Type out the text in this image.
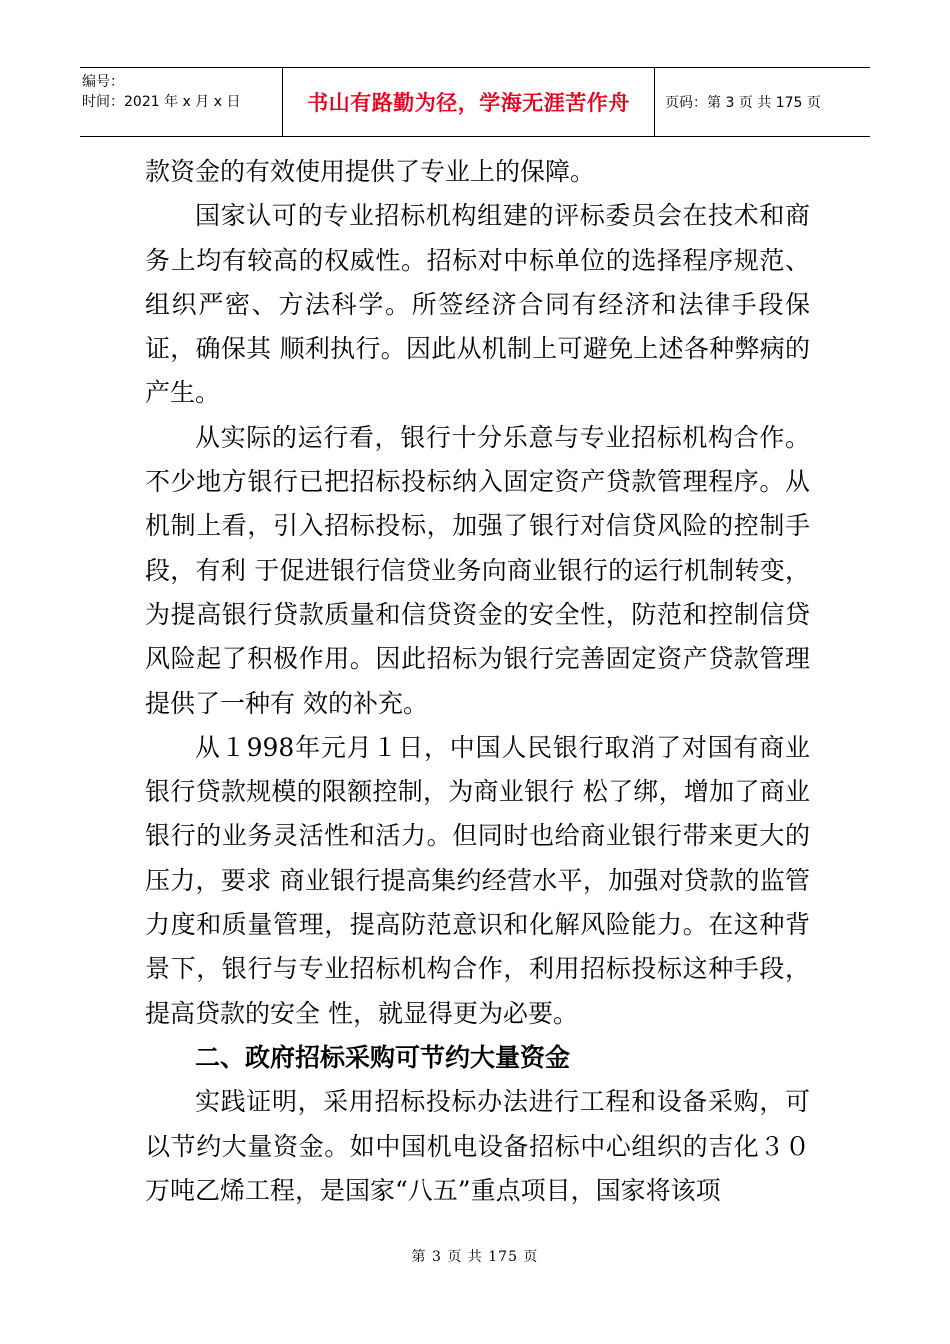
编号：
时间：2021 年 x 月 x 日	书山有路勤为径，学海无涯苦作舟	页码：第 3 页 共 175 页

款资金的有效使用提供了专业上的保障。

国家认可的专业招标机构组建的评标委员会在技术和商务上均有较高的权威性。招标对中标单位的选择程序规范、组织严密、方法科学。所签经济合同有经济和法律手段保证，确保其 顺利执行。因此从机制上可避免上述各种弊病的产生。

从实际的运行看，银行十分乐意与专业招标机构合作。不少地方银行已把招标投标纳入固定资产贷款管理程序。从机制上看，引入招标投标，加强了银行对信贷风险的控制手段，有利 于促进银行信贷业务向商业银行的运行机制转变，为提高银行贷款质量和信贷资金的安全性，防范和控制信贷风险起了积极作用。因此招标为银行完善固定资产贷款管理提供了一种有 效的补充。

从１998年元月１日，中国人民银行取消了对国有商业银行贷款规模的限额控制，为商业银行 松了绑，增加了商业银行的业务灵活性和活力。但同时也给商业银行带来更大的压力，要求 商业银行提高集约经营水平，加强对贷款的监管力度和质量管理，提高防范意识和化解风险能力。在这种背景下，银行与专业招标机构合作，利用招标投标这种手段，提高贷款的安全 性，就显得更为必要。

二、政府招标采购可节约大量资金

实践证明，采用招标投标办法进行工程和设备采购，可以节约大量资金。如中国机电设备招标中心组织的吉化３０万吨乙烯工程，是国家“八五”重点项目，国家将该项

第 3 页 共 175 页
